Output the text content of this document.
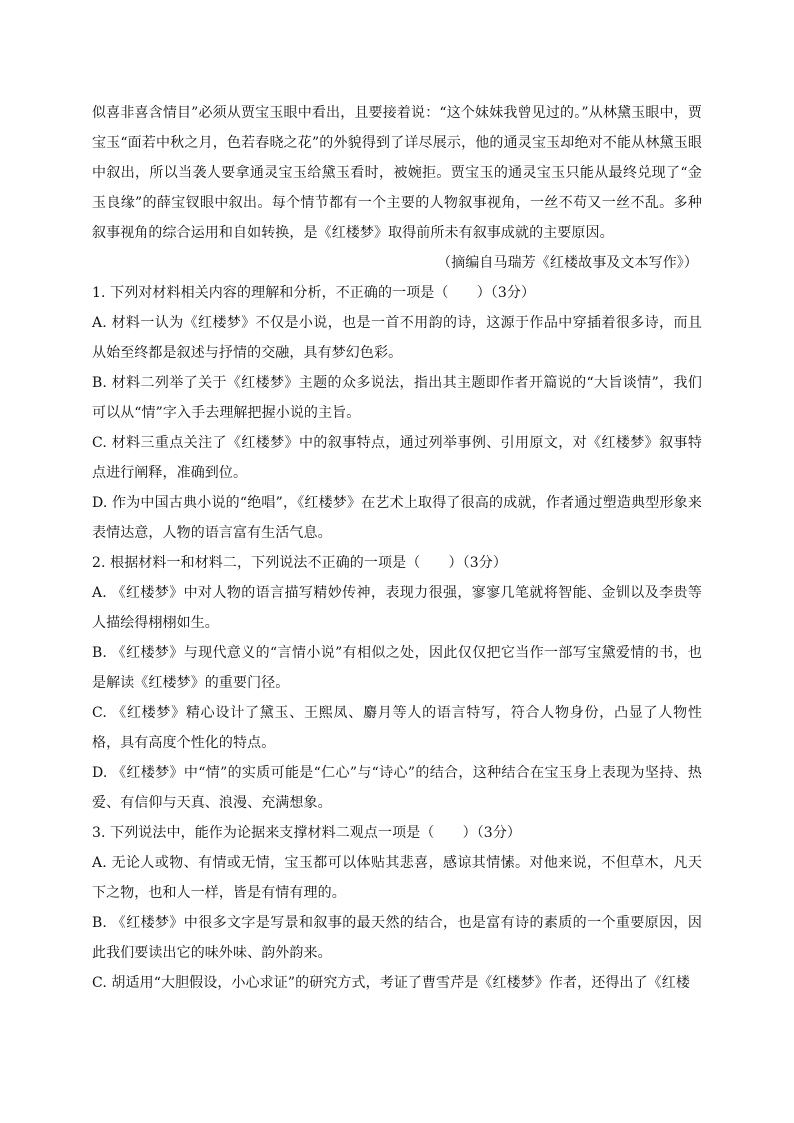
似喜非喜含情目”必须从贾宝玉眼中看出，且要接着说：“这个妹妹我曾见过的。”从林黛玉眼中，贾宝玉“面若中秋之月，色若春晓之花”的外貌得到了详尽展示，他的通灵宝玉却绝对不能从林黛玉眼中叙出，所以当袭人要拿通灵宝玉给黛玉看时，被婉拒。贾宝玉的通灵宝玉只能从最终兑现了“金玉良缘”的薛宝钗眼中叙出。每个情节都有一个主要的人物叙事视角，一丝不苟又一丝不乱。多种叙事视角的综合运用和自如转换，是《红楼梦》取得前所未有叙事成就的主要原因。

（摘编自马瑞芳《红楼故事及文本写作》）

1. 下列对材料相关内容的理解和分析，不正确的一项是（　　）（3分）

A. 材料一认为《红楼梦》不仅是小说，也是一首不用韵的诗，这源于作品中穿插着很多诗，而且从始至终都是叙述与抒情的交融，具有梦幻色彩。

B. 材料二列举了关于《红楼梦》主题的众多说法，指出其主题即作者开篇说的“大旨谈情”，我们可以从“情”字入手去理解把握小说的主旨。

C. 材料三重点关注了《红楼梦》中的叙事特点，通过列举事例、引用原文，对《红楼梦》叙事特点进行阐释，准确到位。

D. 作为中国古典小说的“绝唱”，《红楼梦》在艺术上取得了很高的成就，作者通过塑造典型形象来表情达意，人物的语言富有生活气息。

2. 根据材料一和材料二，下列说法不正确的一项是（　　）（3分）

A. 《红楼梦》中对人物的语言描写精妙传神，表现力很强，寥寥几笔就将智能、金钏以及李贵等人描绘得栩栩如生。

B. 《红楼梦》与现代意义的“言情小说”有相似之处，因此仅仅把它当作一部写宝黛爱情的书，也是解读《红楼梦》的重要门径。

C. 《红楼梦》精心设计了黛玉、王熙凤、麝月等人的语言特写，符合人物身份，凸显了人物性格，具有高度个性化的特点。

D. 《红楼梦》中“情”的实质可能是“仁心”与“诗心”的结合，这种结合在宝玉身上表现为坚持、热爱、有信仰与天真、浪漫、充满想象。

3. 下列说法中，能作为论据来支撑材料二观点一项是（　　）（3分）

A. 无论人或物、有情或无情，宝玉都可以体贴其悲喜，感谅其情愫。对他来说，不但草木，凡天下之物，也和人一样，皆是有情有理的。

B. 《红楼梦》中很多文字是写景和叙事的最天然的结合，也是富有诗的素质的一个重要原因，因此我们要读出它的味外味、韵外韵来。

C. 胡适用“大胆假设，小心求证”的研究方式，考证了曹雪芹是《红楼梦》作者，还得出了《红楼
